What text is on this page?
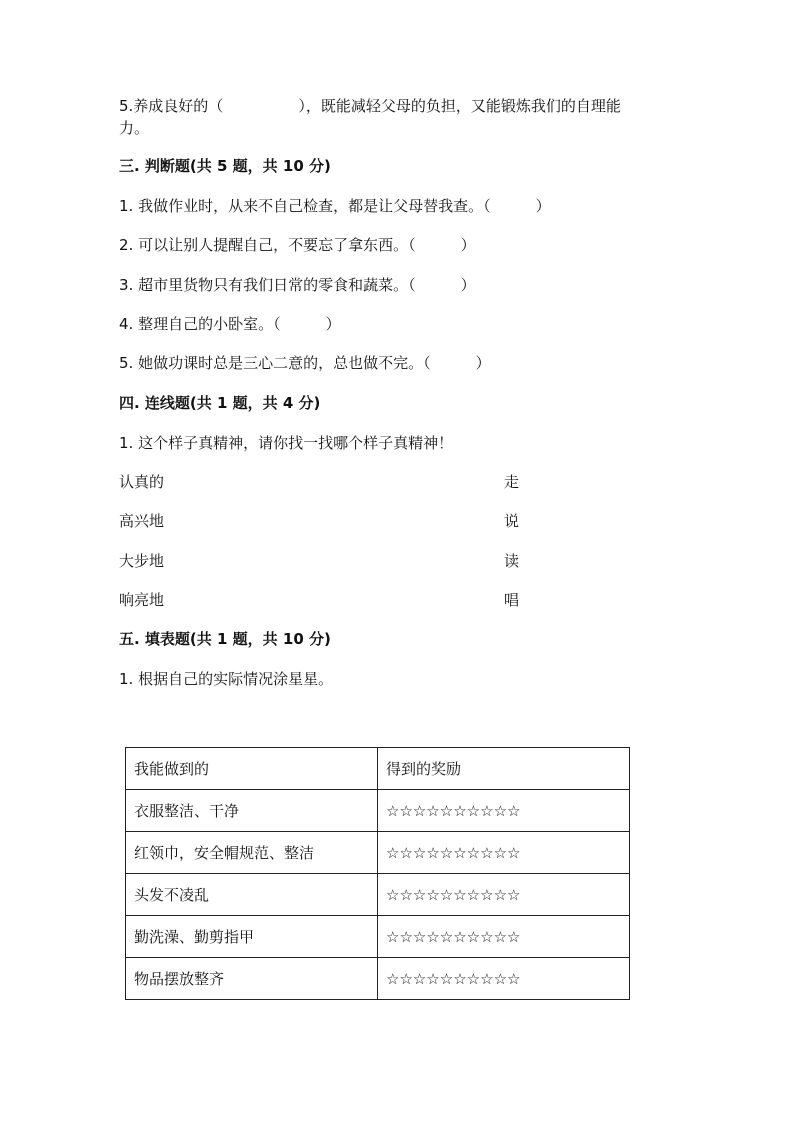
5.养成良好的（　　　　　），既能减轻父母的负担，又能锻炼我们的自理能
力。
三. 判断题(共 5 题，共 10 分)
1. 我做作业时，从来不自己检查，都是让父母替我查。（　　　）
2. 可以让别人提醒自己，不要忘了拿东西。（　　　）
3. 超市里货物只有我们日常的零食和蔬菜。（　　　）
4. 整理自己的小卧室。（　　　）
5. 她做功课时总是三心二意的，总也做不完。（　　　）
四. 连线题(共 1 题，共 4 分)
1. 这个样子真精神，请你找一找哪个样子真精神！
认真的	走
高兴地	说
大步地	读
响亮地	唱
五. 填表题(共 1 题，共 10 分)
1. 根据自己的实际情况涂星星。
我能做到的	得到的奖励
衣服整洁、干净	☆☆☆☆☆☆☆☆☆☆
红领巾，安全帽规范、整洁	☆☆☆☆☆☆☆☆☆☆
头发不凌乱	☆☆☆☆☆☆☆☆☆☆
勤洗澡、勤剪指甲	☆☆☆☆☆☆☆☆☆☆
物品摆放整齐	☆☆☆☆☆☆☆☆☆☆
